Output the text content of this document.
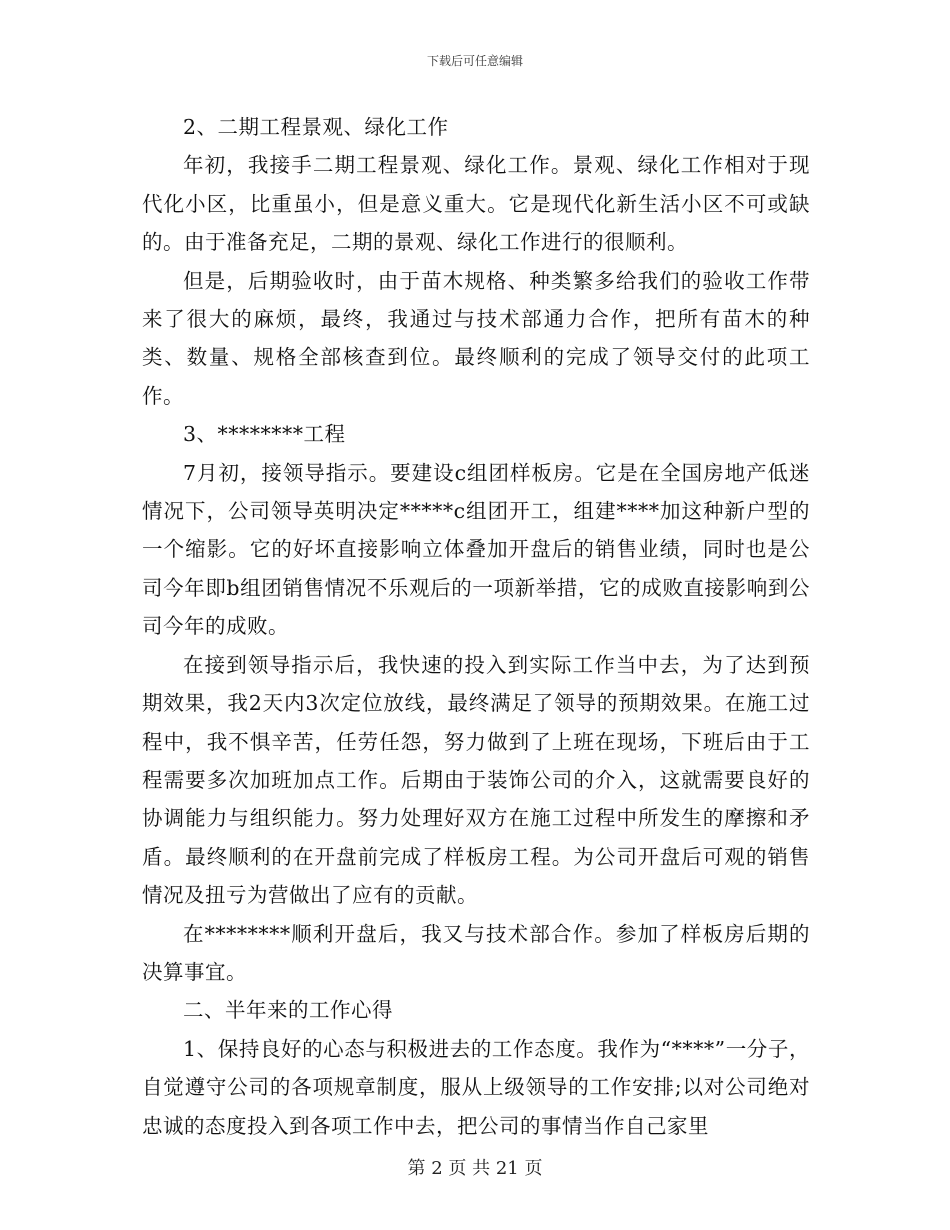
下载后可任意编辑

2、二期工程景观、绿化工作

年初，我接手二期工程景观、绿化工作。景观、绿化工作相对于现代化小区，比重虽小，但是意义重大。它是现代化新生活小区不可或缺的。由于准备充足，二期的景观、绿化工作进行的很顺利。

但是，后期验收时，由于苗木规格、种类繁多给我们的验收工作带来了很大的麻烦，最终，我通过与技术部通力合作，把所有苗木的种类、数量、规格全部核查到位。最终顺利的完成了领导交付的此项工作。

3、********工程

7月初，接领导指示。要建设c组团样板房。它是在全国房地产低迷情况下，公司领导英明决定*****c组团开工，组建****加这种新户型的一个缩影。它的好坏直接影响立体叠加开盘后的销售业绩，同时也是公司今年即b组团销售情况不乐观后的一项新举措，它的成败直接影响到公司今年的成败。

在接到领导指示后，我快速的投入到实际工作当中去，为了达到预期效果，我2天内3次定位放线，最终满足了领导的预期效果。在施工过程中，我不惧辛苦，任劳任怨，努力做到了上班在现场，下班后由于工程需要多次加班加点工作。后期由于装饰公司的介入，这就需要良好的协调能力与组织能力。努力处理好双方在施工过程中所发生的摩擦和矛盾。最终顺利的在开盘前完成了样板房工程。为公司开盘后可观的销售情况及扭亏为营做出了应有的贡献。

在********顺利开盘后，我又与技术部合作。参加了样板房后期的决算事宜。

二、半年来的工作心得

1、保持良好的心态与积极进去的工作态度。我作为“****”一分子，自觉遵守公司的各项规章制度，服从上级领导的工作安排;以对公司绝对忠诚的态度投入到各项工作中去，把公司的事情当作自己家里

第 2 页 共 21 页
